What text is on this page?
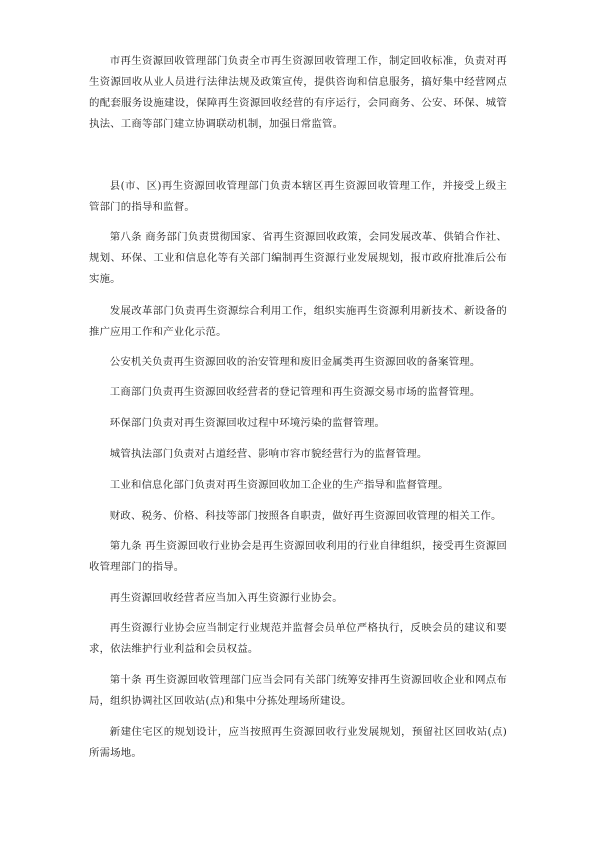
市再生资源回收管理部门负责全市再生资源回收管理工作，制定回收标准，负责对再生资源回收从业人员进行法律法规及政策宣传，提供咨询和信息服务，搞好集中经营网点的配套服务设施建设，保障再生资源回收经营的有序运行，会同商务、公安、环保、城管执法、工商等部门建立协调联动机制，加强日常监管。

县(市、区)再生资源回收管理部门负责本辖区再生资源回收管理工作，并接受上级主管部门的指导和监督。

第八条 商务部门负责贯彻国家、省再生资源回收政策，会同发展改革、供销合作社、规划、环保、工业和信息化等有关部门编制再生资源行业发展规划，报市政府批准后公布实施。

发展改革部门负责再生资源综合利用工作，组织实施再生资源利用新技术、新设备的推广应用工作和产业化示范。

公安机关负责再生资源回收的治安管理和废旧金属类再生资源回收的备案管理。

工商部门负责再生资源回收经营者的登记管理和再生资源交易市场的监督管理。

环保部门负责对再生资源回收过程中环境污染的监督管理。

城管执法部门负责对占道经营、影响市容市貌经营行为的监督管理。

工业和信息化部门负责对再生资源回收加工企业的生产指导和监督管理。

财政、税务、价格、科技等部门按照各自职责，做好再生资源回收管理的相关工作。

第九条 再生资源回收行业协会是再生资源回收利用的行业自律组织，接受再生资源回收管理部门的指导。

再生资源回收经营者应当加入再生资源行业协会。

再生资源行业协会应当制定行业规范并监督会员单位严格执行，反映会员的建议和要求，依法维护行业利益和会员权益。

第十条 再生资源回收管理部门应当会同有关部门统筹安排再生资源回收企业和网点布局，组织协调社区回收站(点)和集中分拣处理场所建设。

新建住宅区的规划设计，应当按照再生资源回收行业发展规划，预留社区回收站(点)所需场地。
